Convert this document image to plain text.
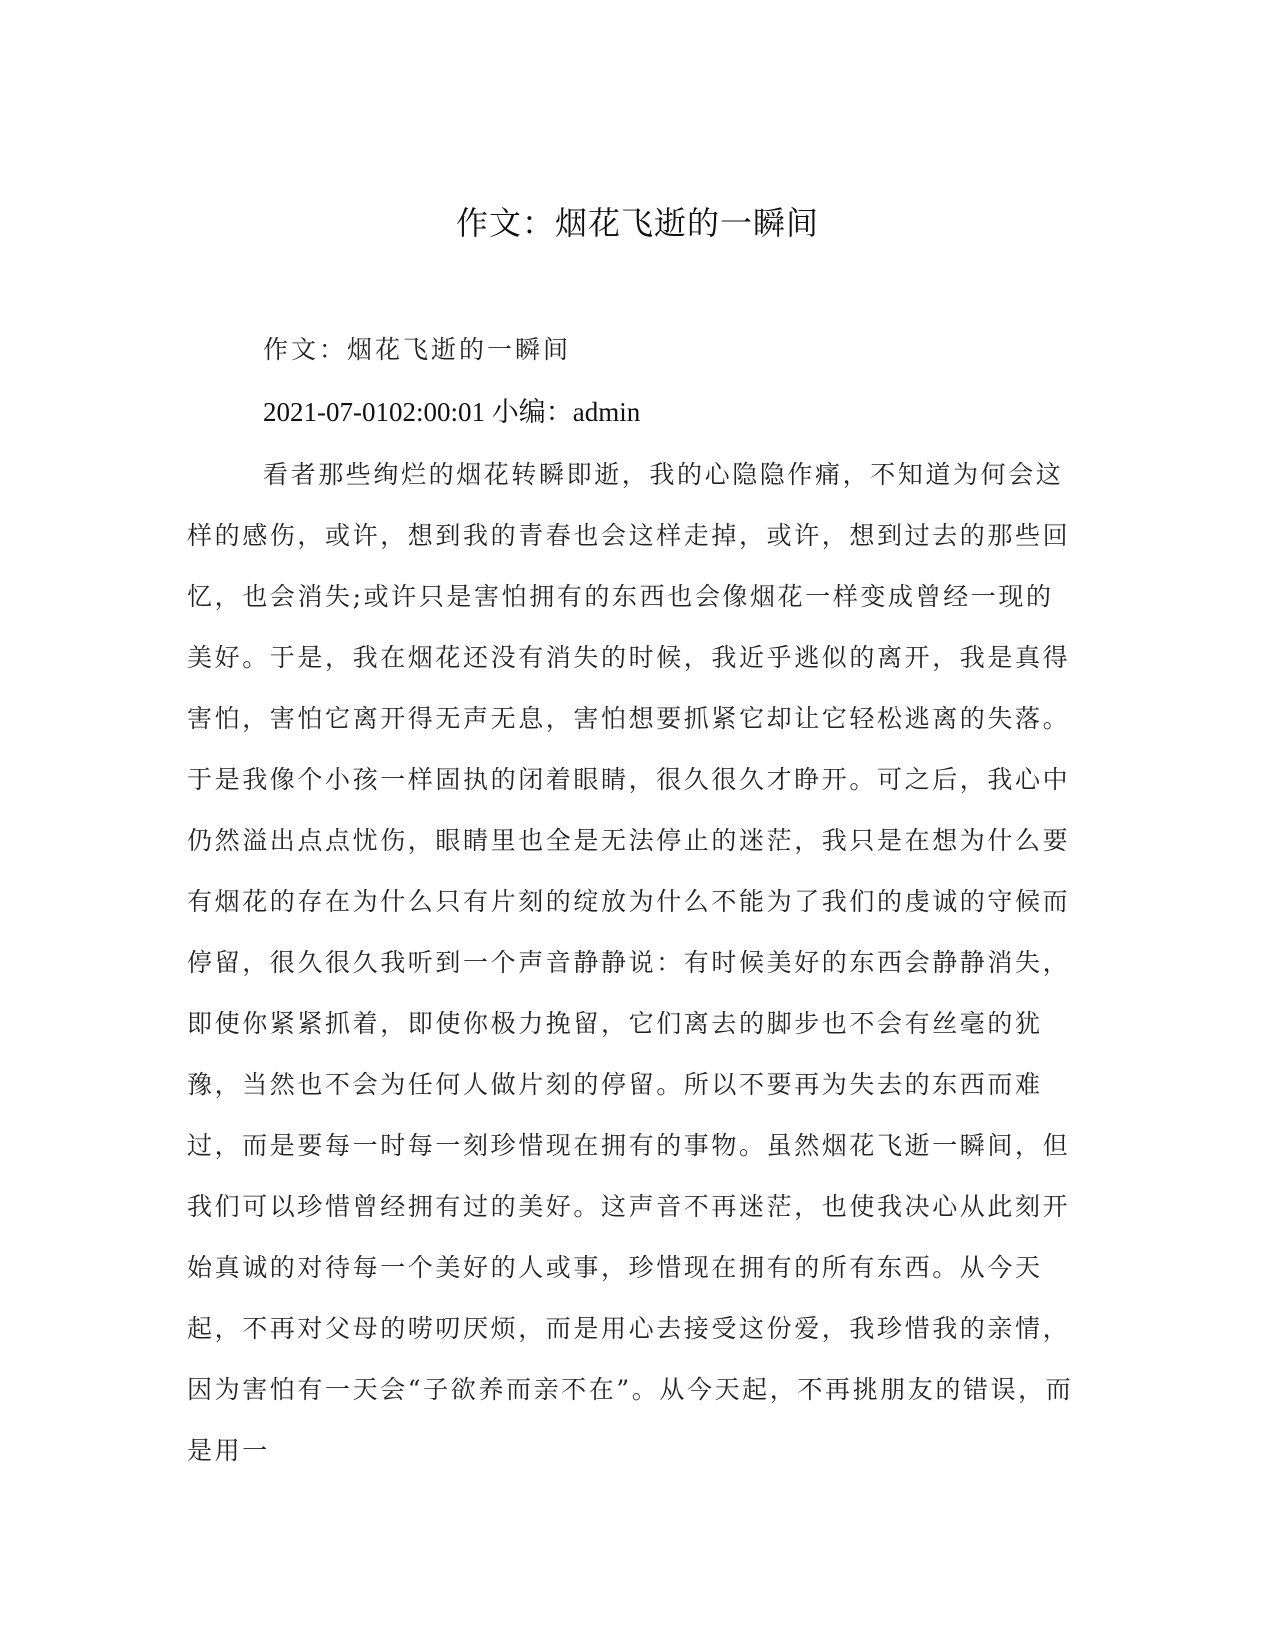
作文：烟花飞逝的一瞬间
作文：烟花飞逝的一瞬间
2021-07-0102:00:01 小编：admin

看者那些绚烂的烟花转瞬即逝，我的心隐隐作痛，不知道为何会这样的感伤，或许，想到我的青春也会这样走掉，或许，想到过去的那些回忆，也会消失;或许只是害怕拥有的东西也会像烟花一样变成曾经一现的美好。于是，我在烟花还没有消失的时候，我近乎逃似的离开，我是真得害怕，害怕它离开得无声无息，害怕想要抓紧它却让它轻松逃离的失落。于是我像个小孩一样固执的闭着眼睛，很久很久才睁开。可之后，我心中仍然溢出点点忧伤，眼睛里也全是无法停止的迷茫，我只是在想为什么要有烟花的存在为什么只有片刻的绽放为什么不能为了我们的虔诚的守候而停留，很久很久我听到一个声音静静说：有时候美好的东西会静静消失，即使你紧紧抓着，即使你极力挽留，它们离去的脚步也不会有丝毫的犹豫，当然也不会为任何人做片刻的停留。所以不要再为失去的东西而难过，而是要每一时每一刻珍惜现在拥有的事物。虽然烟花飞逝一瞬间，但我们可以珍惜曾经拥有过的美好。这声音不再迷茫，也使我决心从此刻开始真诚的对待每一个美好的人或事，珍惜现在拥有的所有东西。从今天起，不再对父母的唠叨厌烦，而是用心去接受这份爱，我珍惜我的亲情，因为害怕有一天会“子欲养而亲不在”。从今天起，不再挑朋友的错误，而是用一
